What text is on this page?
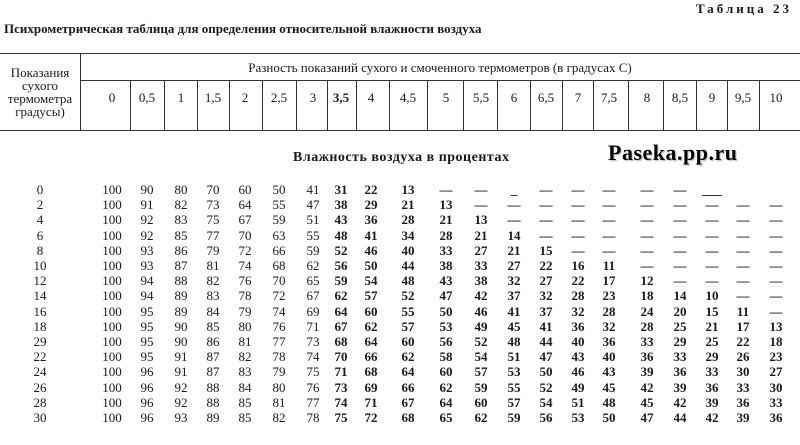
Таблица 23
Психрометрическая таблица для определения относительной влажности воздуха
Показания
сухого
термометра
градусы)
Разность показаний сухого и смоченного термометров (в градусах С)
0	0,5	1	1,5	2	2,5	3	3,5	4	4,5	5	5,5	6	6,5	7	7,5	8	8,5	9	9,5	10
Влажность воздуха в процентах	Paseka.pp.ru
0	100	90	80	70	60	50	41	31	22	13	—	—	_	—	—	—	—	—	___
2	100	91	82	73	64	55	47	38	29	21	13	—	—	—	—	—	—	—	—	—	—
4	100	92	83	75	67	59	51	43	36	28	21	13	—	—	—	—	—	—	—	—	—
6	100	92	85	77	70	63	55	48	41	34	28	21	14	—	—	—	—	—	—	—	—
8	100	93	86	79	72	66	59	52	46	40	33	27	21	15	—	—	—	—	—	—	—
10	100	93	87	81	74	68	62	56	50	44	38	33	27	22	16	11	—	—	—	—	—
12	100	94	88	82	76	70	65	59	54	48	43	38	32	27	22	17	12	—	—	—	—
14	100	94	89	83	78	72	67	62	57	52	47	42	37	32	28	23	18	14	10	—	—
16	100	95	89	84	79	74	69	64	60	55	50	46	41	37	32	28	24	20	15	11	—
18	100	95	90	85	80	76	71	67	62	57	53	49	45	41	36	32	28	25	21	17	13
29	100	95	90	86	81	77	73	68	64	60	56	52	48	44	40	36	33	29	25	22	18
22	100	95	91	87	82	78	74	70	66	62	58	54	51	47	43	40	36	33	29	26	23
24	100	96	91	87	83	79	75	71	68	64	60	57	53	50	46	43	39	36	33	30	27
26	100	96	92	88	84	80	76	73	69	66	62	59	55	52	49	45	42	39	36	33	30
28	100	96	92	88	85	81	77	74	71	67	64	60	57	54	51	48	45	42	39	36	33
30	100	96	93	89	85	82	78	75	72	68	65	62	59	56	53	50	47	44	42	39	36
